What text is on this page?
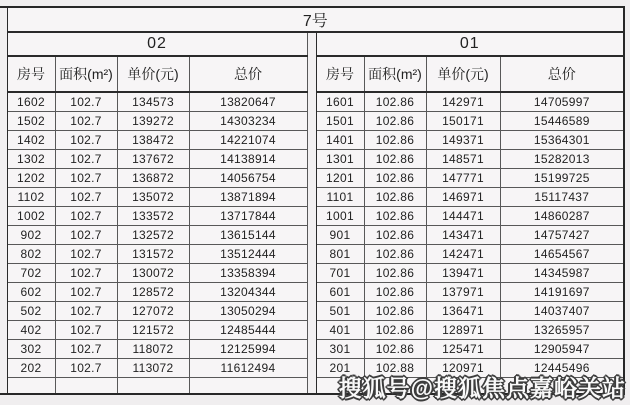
	7号								
	02					01			
	房号	面积(m²)	单价(元)	总价		房号	面积(m²)	单价(元)	总价
	1602	102.7	134573	13820647		1601	102.86	142971	14705997
	1502	102.7	139272	14303234		1501	102.86	150171	15446589
	1402	102.7	138472	14221074		1401	102.86	149371	15364301
	1302	102.7	137672	14138914		1301	102.86	148571	15282013
	1202	102.7	136872	14056754		1201	102.86	147771	15199725
	1102	102.7	135072	13871894		1101	102.86	146971	15117437
	1002	102.7	133572	13717844		1001	102.86	144471	14860287
	902	102.7	132572	13615144		901	102.86	143471	14757427
	802	102.7	131572	13512444		801	102.86	142471	14654567
	702	102.7	130072	13358394		701	102.86	139471	14345987
	602	102.7	128572	13204344		601	102.86	137971	14191697
	502	102.7	127072	13050294		501	102.86	136471	14037407
	402	102.7	121572	12485444		401	102.86	128971	13265957
	302	102.7	118072	12125994		301	102.86	125471	12905947
	202	102.7	113072	11612494		201	102.88	120971	12445496

搜狐号@搜狐焦点嘉峪关站
